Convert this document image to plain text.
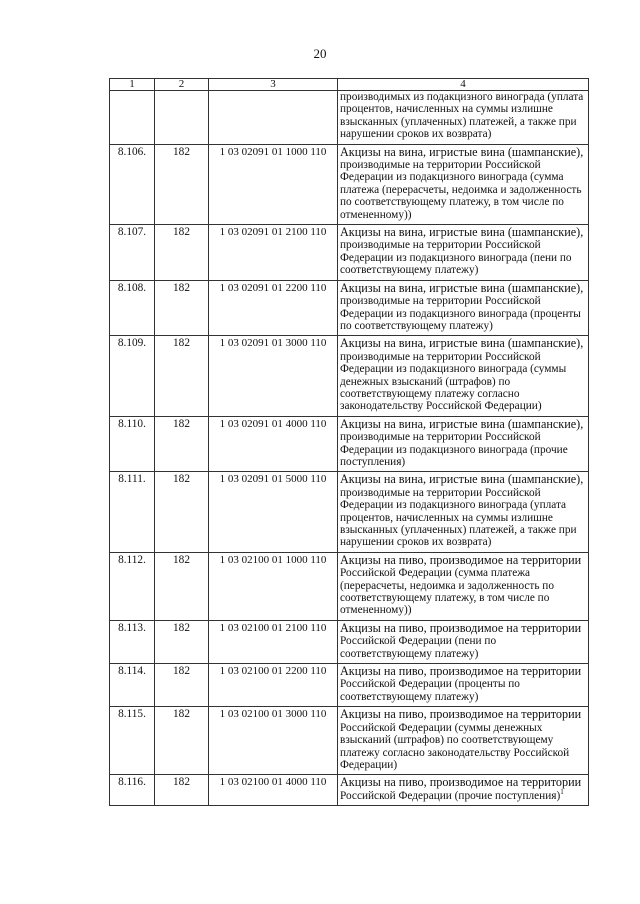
20
1	2	3	4
			производимых из подакцизного винограда (уплата процентов, начисленных на суммы излишне взысканных (уплаченных) платежей, а также при нарушении сроков их возврата)
8.106.	182	1 03 02091 01 1000 110	Акцизы на вина, игристые вина (шампанские), производимые на территории Российской Федерации из подакцизного винограда (сумма платежа (перерасчеты, недоимка и задолженность по соответствующему платежу, в том числе по отмененному))
8.107.	182	1 03 02091 01 2100 110	Акцизы на вина, игристые вина (шампанские), производимые на территории Российской Федерации из подакцизного винограда (пени по соответствующему платежу)
8.108.	182	1 03 02091 01 2200 110	Акцизы на вина, игристые вина (шампанские), производимые на территории Российской Федерации из подакцизного винограда (проценты по соответствующему платежу)
8.109.	182	1 03 02091 01 3000 110	Акцизы на вина, игристые вина (шампанские), производимые на территории Российской Федерации из подакцизного винограда (суммы денежных взысканий (штрафов) по соответствующему платежу согласно законодательству Российской Федерации)
8.110.	182	1 03 02091 01 4000 110	Акцизы на вина, игристые вина (шампанские), производимые на территории Российской Федерации из подакцизного винограда (прочие поступления)
8.111.	182	1 03 02091 01 5000 110	Акцизы на вина, игристые вина (шампанские), производимые на территории Российской Федерации из подакцизного винограда (уплата процентов, начисленных на суммы излишне взысканных (уплаченных) платежей, а также при нарушении сроков их возврата)
8.112.	182	1 03 02100 01 1000 110	Акцизы на пиво, производимое на территории Российской Федерации (сумма платежа (перерасчеты, недоимка и задолженность по соответствующему платежу, в том числе по отмененному))
8.113.	182	1 03 02100 01 2100 110	Акцизы на пиво, производимое на территории Российской Федерации (пени по соответствующему платежу)
8.114.	182	1 03 02100 01 2200 110	Акцизы на пиво, производимое на территории Российской Федерации (проценты по соответствующему платежу)
8.115.	182	1 03 02100 01 3000 110	Акцизы на пиво, производимое на территории Российской Федерации (суммы денежных взысканий (штрафов) по соответствующему платежу согласно законодательству Российской Федерации)
8.116.	182	1 03 02100 01 4000 110	Акцизы на пиво, производимое на территории Российской Федерации (прочие поступления)$^1$
